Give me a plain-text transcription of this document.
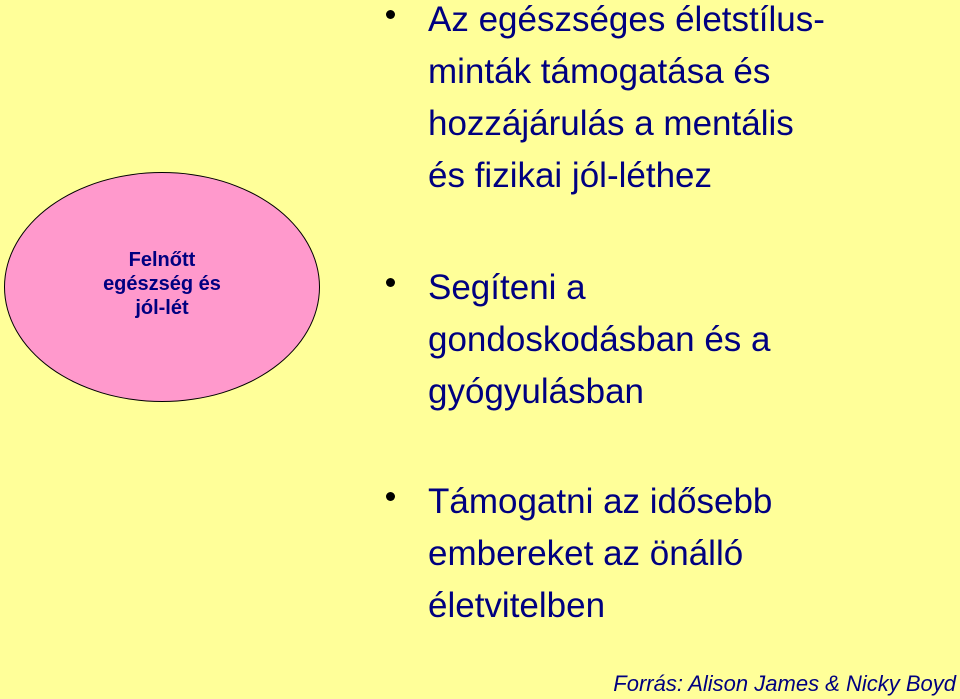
Felnőtt
egészség és
jól-lét
Az egészséges életstílus-
minták támogatása és
hozzájárulás a mentális
és fizikai jól-léthez
Segíteni a
gondoskodásban és a
gyógyulásban
Támogatni az idősebb
embereket az önálló
életvitelben
Forrás: Alison James & Nicky Boyd
